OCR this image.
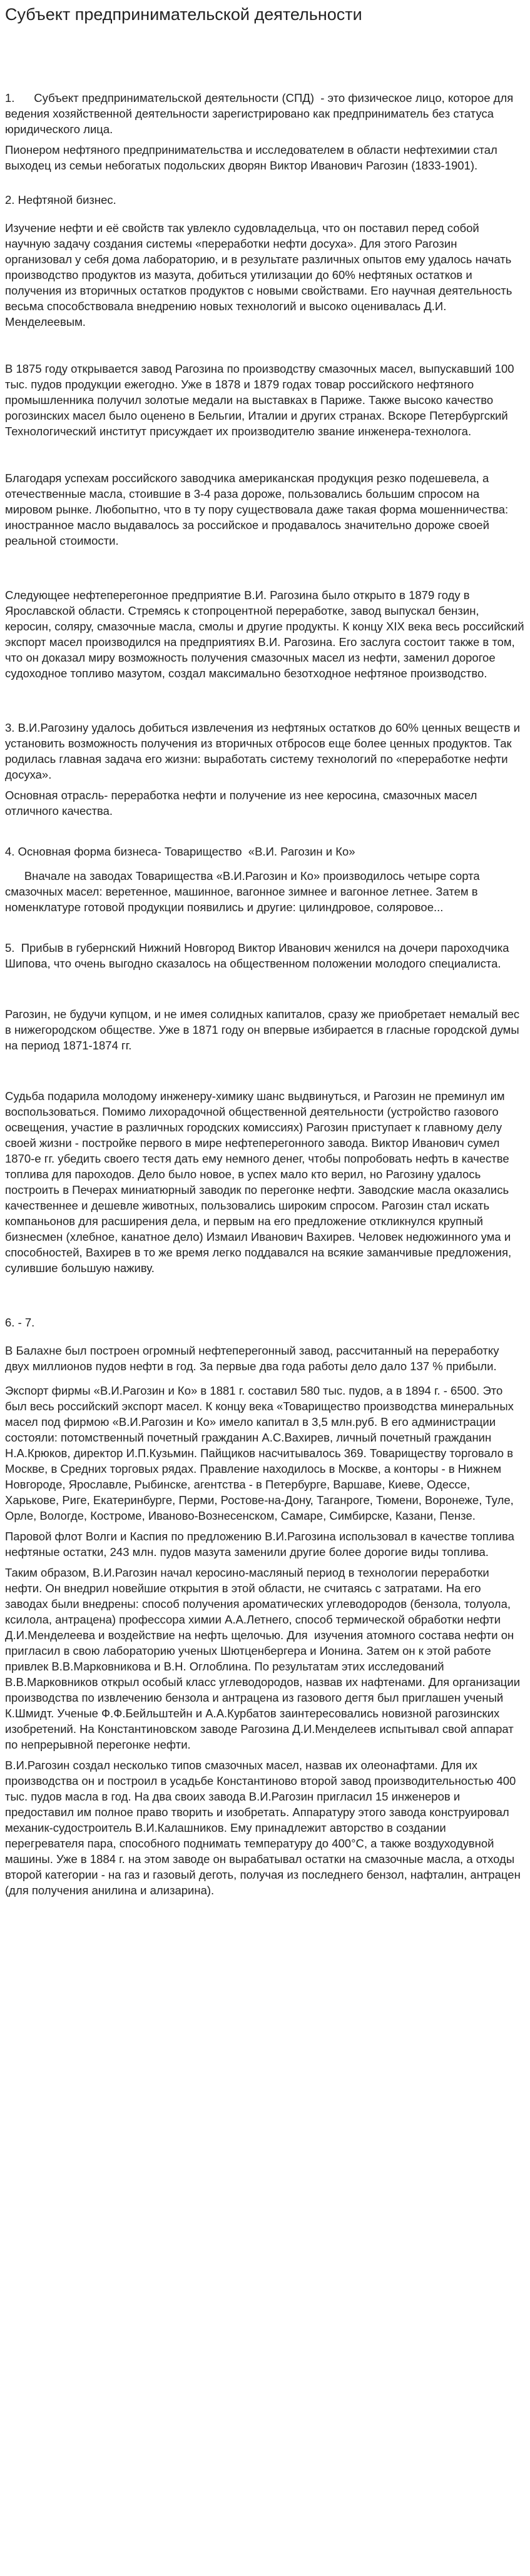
Субъект предпринимательской деятельности

1.      Субъект предпринимательской деятельности (СПД)  - это физическое лицо, которое для ведения хозяйственной деятельности зарегистрировано как предприниматель без статуса юридического лица.

Пионером нефтяного предпринимательства и исследователем в области нефтехимии стал выходец из семьи небогатых подольских дворян Виктор Иванович Рагозин (1833-1901).

2. Нефтяной бизнес.

Изучение нефти и её свойств так увлекло судовладельца, что он поставил перед собой научную задачу создания системы «переработки нефти досуха». Для этого Рагозин организовал у себя дома лабораторию, и в результате различных опытов ему удалось начать производство продуктов из мазута, добиться утилизации до 60% нефтяных остатков и получения из вторичных остатков продуктов с новыми свойствами. Его научная деятельность весьма способствовала внедрению новых технологий и высоко оценивалась Д.И. Менделеевым.

В 1875 году открывается завод Рагозина по производству смазочных масел, выпускавший 100 тыс. пудов продукции ежегодно. Уже в 1878 и 1879 годах товар российского нефтяного промышленника получил золотые медали на выставках в Париже. Также высоко качество рогозинских масел было оценено в Бельгии, Италии и других странах. Вскоре Петербургский Технологический институт присуждает их производителю звание инженера-технолога.

Благодаря успехам российского заводчика американская продукция резко подешевела, а отечественные масла, стоившие в 3-4 раза дороже, пользовались большим спросом на мировом рынке. Любопытно, что в ту пору существовала даже такая форма мошенничества: иностранное масло выдавалось за российское и продавалось значительно дороже своей реальной стоимости.

Следующее нефтеперегонное предприятие В.И. Рагозина было открыто в 1879 году в Ярославской области. Стремясь к стопроцентной переработке, завод выпускал бензин, керосин, соляру, смазочные масла, смолы и другие продукты. К концу XIX века весь российский экспорт масел производился на предприятиях В.И. Рагозина. Его заслуга состоит также в том, что он доказал миру возможность получения смазочных масел из нефти, заменил дорогое судоходное топливо мазутом, создал максимально безотходное нефтяное производство.

3. В.И.Рагозину удалось добиться извлечения из нефтяных остатков до 60% ценных веществ и установить возможность получения из вторичных отбросов еще более ценных продуктов. Так родилась главная задача его жизни: выработать систему технологий по «переработке нефти досуха».

Основная отрасль- переработка нефти и получение из нее керосина, смазочных масел отличного качества.

4. Основная форма бизнеса- Товарищество  «В.И. Рагозин и Ко»

Вначале на заводах Товарищества «В.И.Рагозин и Ко» производилось четыре сорта смазочных масел: веретенное, машинное, вагонное зимнее и вагонное летнее. Затем в номенклатуре готовой продукции появились и другие: цилиндровое, соляровое...

5.  Прибыв в губернский Нижний Новгород Виктор Иванович женился на дочери пароходчика Шипова, что очень выгодно сказалось на общественном положении молодого специалиста.

Рагозин, не будучи купцом, и не имея солидных капиталов, сразу же приобретает немалый вес в нижегородском обществе. Уже в 1871 году он впервые избирается в гласные городской думы на период 1871-1874 гг.

Судьба подарила молодому инженеру-химику шанс выдвинуться, и Рагозин не преминул им воспользоваться. Помимо лихорадочной общественной деятельности (устройство газового освещения, участие в различных городских комиссиях) Рагозин приступает к главному делу своей жизни - постройке первого в мире нефтеперегонного завода. Виктор Иванович сумел  1870-е гг. убедить своего тестя дать ему немного денег, чтобы попробовать нефть в качестве топлива для пароходов. Дело было новое, в успех мало кто верил, но Рагозину удалось построить в Печерах миниатюрный заводик по перегонке нефти. Заводские масла оказались качественнее и дешевле животных, пользовались широким спросом. Рагозин стал искать компаньонов для расширения дела, и первым на его предложение откликнулся крупный бизнесмен (хлебное, канатное дело) Измаил Иванович Вахирев. Человек недюжинного ума и способностей, Вахирев в то же время легко поддавался на всякие заманчивые предложения, сулившие большую наживу.

6. - 7.

В Балахне был построен огромный нефтеперегонный завод, рассчитанный на переработку двух миллионов пудов нефти в год. За первые два года работы дело дало 137 % прибыли.

Экспорт фирмы «В.И.Рагозин и Ко» в 1881 г. составил 580 тыс. пудов, а в 1894 г. - 6500. Это был весь российский экспорт масел. К концу века «Товарищество производства минеральных масел под фирмою «В.И.Рагозин и Ко» имело капитал в 3,5 млн.руб. В его администрации состояли: потомственный почетный гражданин А.С.Вахирев, личный почетный гражданин Н.А.Крюков, директор И.П.Кузьмин. Пайщиков насчитывалось 369. Товариществу торговало в Москве, в Средних торговых рядах. Правление находилось в Москве, а конторы - в Нижнем Новгороде, Ярославле, Рыбинске, агентства - в Петербурге, Варшаве, Киеве, Одессе, Харькове, Риге, Екатеринбурге, Перми, Ростове-на-Дону, Таганроге, Тюмени, Воронеже, Туле, Орле, Вологде, Костроме, Иваново-Вознесенском, Самаре, Симбирске, Казани, Пензе.

Паровой флот Волги и Каспия по предложению В.И.Рагозина использовал в качестве топлива нефтяные остатки, 243 млн. пудов мазута заменили другие более дорогие виды топлива.

Таким образом, В.И.Рагозин начал керосино-масляный период в технологии переработки нефти. Он внедрил новейшие открытия в этой области, не считаясь с затратами. На его заводах были внедрены: способ получения ароматических углеводородов (бензола, толуола, ксилола, антрацена) профессора химии А.А.Летнего, способ термической обработки нефти Д.И.Менделеева и воздействие на нефть щелочью. Для  изучения атомного состава нефти он пригласил в свою лабораторию ученых Шютценбергера и Ионина. Затем он к этой работе привлек В.В.Марковникова и В.Н. Оглоблина. По результатам этих исследований В.В.Марковников открыл особый класс углеводородов, назвав их нафтенами. Для организации производства по извлечению бензола и антрацена из газового дегтя был приглашен ученый К.Шмидт. Ученые Ф.Ф.Бейльштейн и А.А.Курбатов заинтересовались новизной рагозинских изобретений. На Константиновском заводе Рагозина Д.И.Менделеев испытывал свой аппарат по непрерывной перегонке нефти.

В.И.Рагозин создал несколько типов смазочных масел, назвав их олеонафтами. Для их производства он и построил в усадьбе Константиново второй завод производительностью 400 тыс. пудов масла в год. На два своих завода В.И.Рагозин пригласил 15 инженеров и предоставил им полное право творить и изобретать. Аппаратуру этого завода конструировал механик-судостроитель В.И.Калашников. Ему принадлежит авторство в создании перегревателя пара, способного поднимать температуру до 400°С, а также воздуходувной машины. Уже в 1884 г. на этом заводе он вырабатывал остатки на смазочные масла, а отходы второй категории - на газ и газовый деготь, получая из последнего бензол, нафталин, антрацен (для получения анилина и ализарина).
